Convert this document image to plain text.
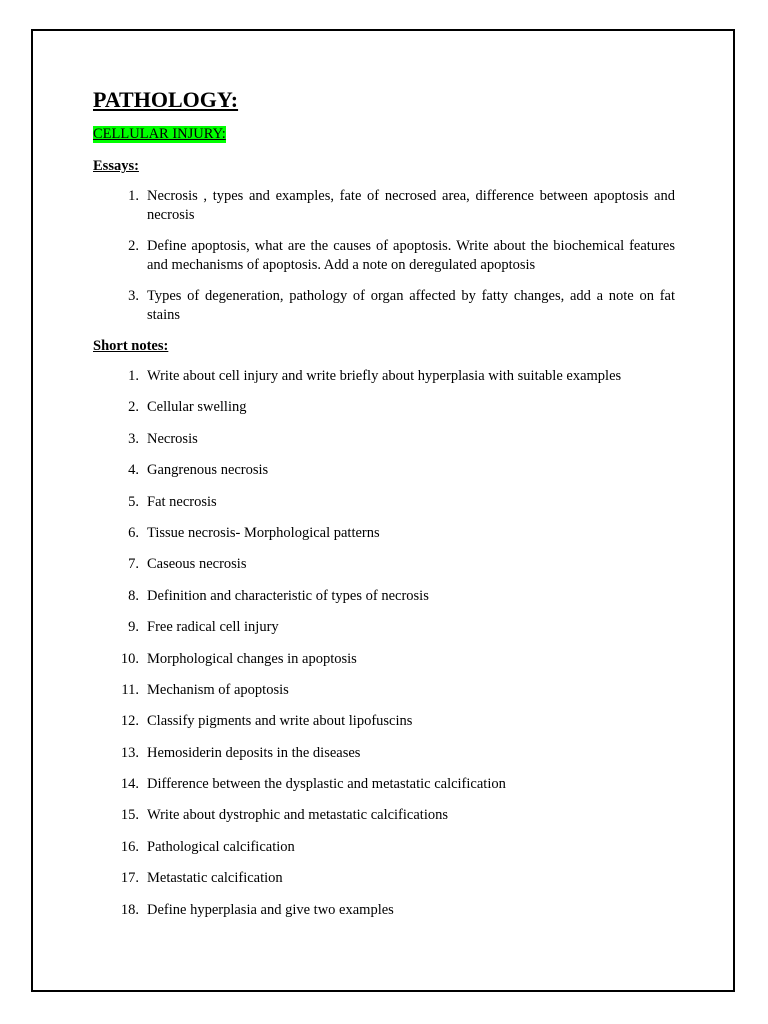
PATHOLOGY:
CELLULAR INJURY:
Essays:
1. Necrosis , types and examples, fate of necrosed area, difference between apoptosis and necrosis
2. Define apoptosis, what are the causes of apoptosis. Write about the biochemical features and mechanisms of apoptosis. Add a note on deregulated apoptosis
3. Types of degeneration, pathology of organ affected by fatty changes, add a note on fat stains
Short notes:
1. Write about cell injury and write briefly about hyperplasia with suitable examples
2. Cellular swelling
3. Necrosis
4. Gangrenous necrosis
5. Fat necrosis
6. Tissue necrosis- Morphological patterns
7. Caseous necrosis
8. Definition and characteristic of types of necrosis
9. Free radical cell injury
10. Morphological changes in apoptosis
11. Mechanism of apoptosis
12. Classify pigments and write about lipofuscins
13. Hemosiderin deposits in the diseases
14. Difference between the dysplastic and metastatic calcification
15. Write about dystrophic and metastatic calcifications
16. Pathological calcification
17. Metastatic calcification
18. Define hyperplasia and give two examples
